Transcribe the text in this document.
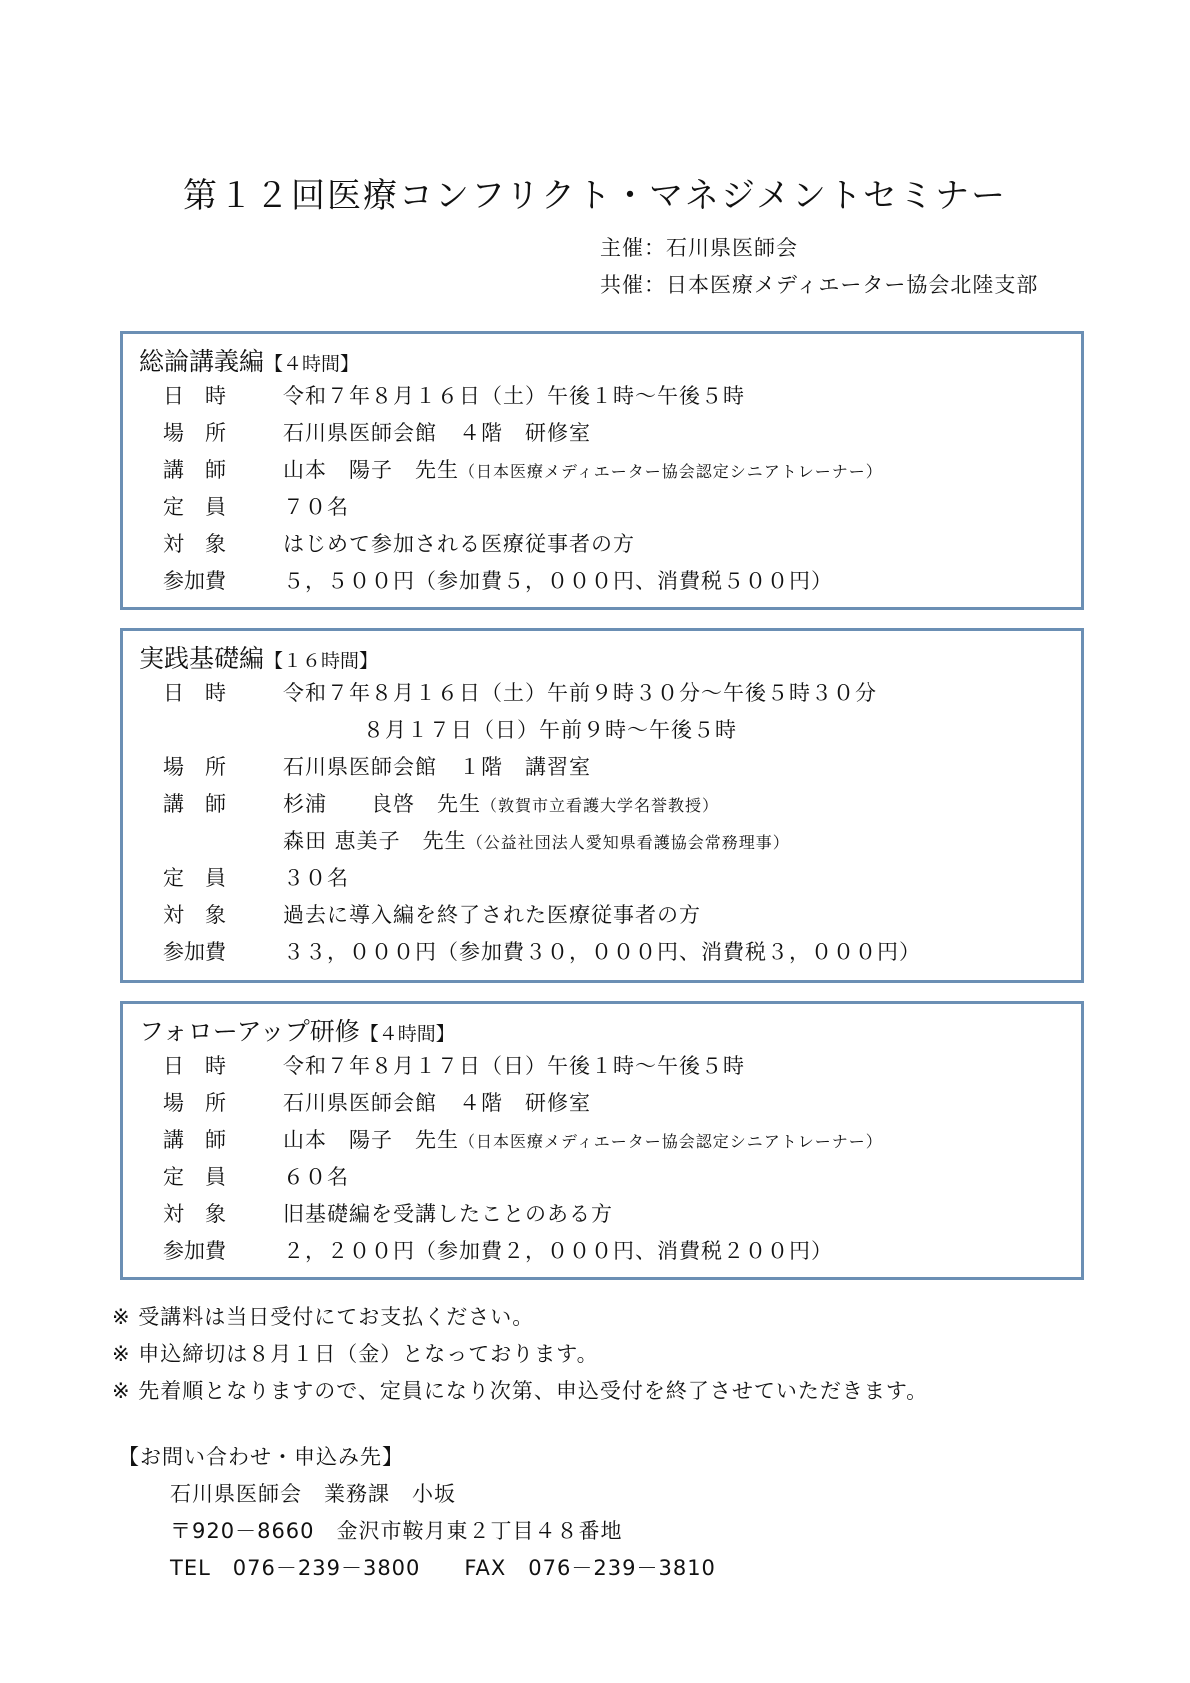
第１２回医療コンフリクト・マネジメントセミナー
主催：石川県医師会
共催：日本医療メディエーター協会北陸支部
総論講義編【４時間】
日　時	令和７年８月１６日（土）午後１時～午後５時
場　所	石川県医師会館　４階　研修室
講　師	山本　陽子　先生（日本医療メディエーター協会認定シニアトレーナー）
定　員	７０名
対　象	はじめて参加される医療従事者の方
参加費	５，５００円（参加費５，０００円、消費税５００円）
実践基礎編【１６時間】
日　時	令和７年８月１６日（土）午前９時３０分～午後５時３０分
８月１７日（日）午前９時～午後５時
場　所	石川県医師会館　１階　講習室
講　師	杉浦　　良啓　先生（敦賀市立看護大学名誉教授）
森田 恵美子　先生（公益社団法人愛知県看護協会常務理事）
定　員	３０名
対　象	過去に導入編を終了された医療従事者の方
参加費	３３，０００円（参加費３０，０００円、消費税３，０００円）
フォローアップ研修【４時間】
日　時	令和７年８月１７日（日）午後１時～午後５時
場　所	石川県医師会館　４階　研修室
講　師	山本　陽子　先生（日本医療メディエーター協会認定シニアトレーナー）
定　員	６０名
対　象	旧基礎編を受講したことのある方
参加費	２，２００円（参加費２，０００円、消費税２００円）
※ 受講料は当日受付にてお支払ください。
※ 申込締切は８月１日（金）となっております。
※ 先着順となりますので、定員になり次第、申込受付を終了させていただきます。
【お問い合わせ・申込み先】
石川県医師会　業務課　小坂
〒920－8660　金沢市鞍月東２丁目４８番地
TEL　076－239－3800 FAX　076－239－3810
